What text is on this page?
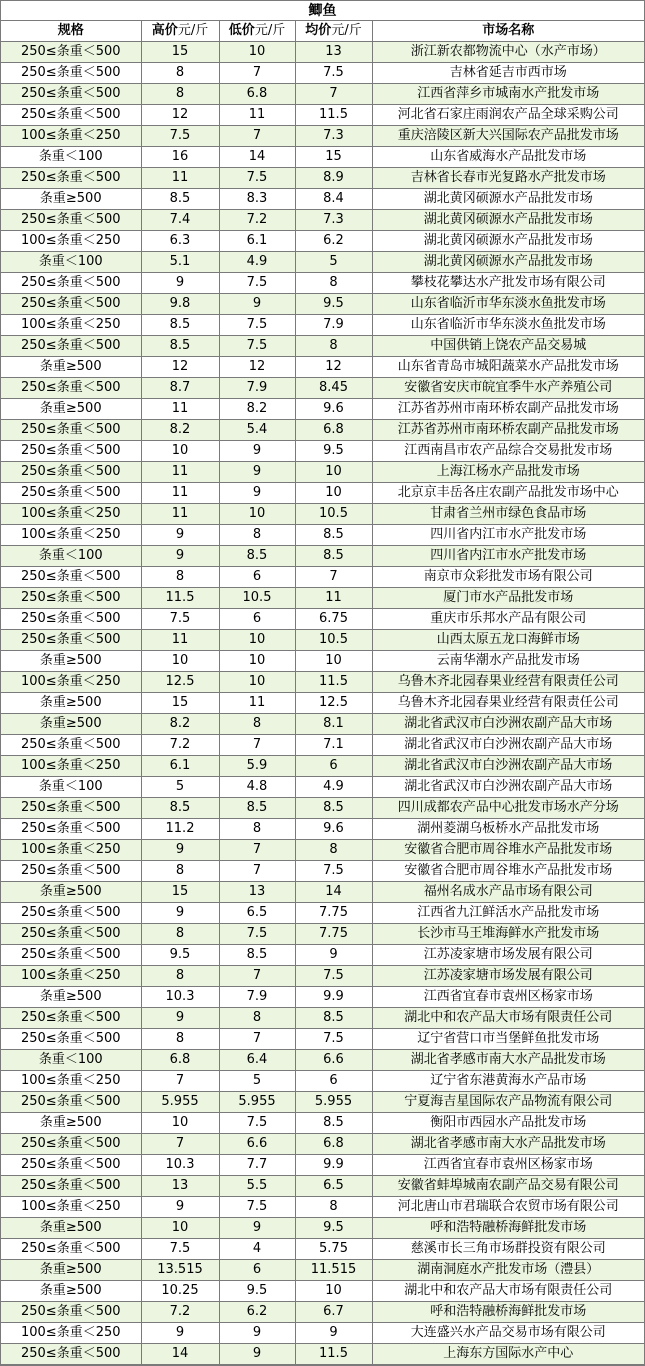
鲫鱼
规格	高价元/斤	低价元/斤	均价元/斤	市场名称
250≤条重＜500	15	10	13	浙江新农都物流中心（水产市场）
250≤条重＜500	8	7	7.5	吉林省延吉市西市场
250≤条重＜500	8	6.8	7	江西省萍乡市城南水产批发市场
250≤条重＜500	12	11	11.5	河北省石家庄雨润农产品全球采购公司
100≤条重＜250	7.5	7	7.3	重庆涪陵区新大兴国际农产品批发市场
条重＜100	16	14	15	山东省威海水产品批发市场
250≤条重＜500	11	7.5	8.9	吉林省长春市光复路水产批发市场
条重≥500	8.5	8.3	8.4	湖北黄冈硕源水产品批发市场
250≤条重＜500	7.4	7.2	7.3	湖北黄冈硕源水产品批发市场
100≤条重＜250	6.3	6.1	6.2	湖北黄冈硕源水产品批发市场
条重＜100	5.1	4.9	5	湖北黄冈硕源水产品批发市场
250≤条重＜500	9	7.5	8	攀枝花攀达水产批发市场有限公司
250≤条重＜500	9.8	9	9.5	山东省临沂市华东淡水鱼批发市场
100≤条重＜250	8.5	7.5	7.9	山东省临沂市华东淡水鱼批发市场
250≤条重＜500	8.5	7.5	8	中国供销上饶农产品交易城
条重≥500	12	12	12	山东省青岛市城阳蔬菜水产品批发市场
250≤条重＜500	8.7	7.9	8.45	安徽省安庆市皖宜季牛水产养殖公司
条重≥500	11	8.2	9.6	江苏省苏州市南环桥农副产品批发市场
250≤条重＜500	8.2	5.4	6.8	江苏省苏州市南环桥农副产品批发市场
250≤条重＜500	10	9	9.5	江西南昌市农产品综合交易批发市场
250≤条重＜500	11	9	10	上海江杨水产品批发市场
250≤条重＜500	11	9	10	北京京丰岳各庄农副产品批发市场中心
100≤条重＜250	11	10	10.5	甘肃省兰州市绿色食品市场
100≤条重＜250	9	8	8.5	四川省内江市水产批发市场
条重＜100	9	8.5	8.5	四川省内江市水产批发市场
250≤条重＜500	8	6	7	南京市众彩批发市场有限公司
250≤条重＜500	11.5	10.5	11	厦门市水产品批发市场
250≤条重＜500	7.5	6	6.75	重庆市乐邦水产品有限公司
250≤条重＜500	11	10	10.5	山西太原五龙口海鲜市场
条重≥500	10	10	10	云南华潮水产品批发市场
100≤条重＜250	12.5	10	11.5	乌鲁木齐北园春果业经营有限责任公司
条重≥500	15	11	12.5	乌鲁木齐北园春果业经营有限责任公司
条重≥500	8.2	8	8.1	湖北省武汉市白沙洲农副产品大市场
250≤条重＜500	7.2	7	7.1	湖北省武汉市白沙洲农副产品大市场
100≤条重＜250	6.1	5.9	6	湖北省武汉市白沙洲农副产品大市场
条重＜100	5	4.8	4.9	湖北省武汉市白沙洲农副产品大市场
250≤条重＜500	8.5	8.5	8.5	四川成都农产品中心批发市场水产分场
250≤条重＜500	11.2	8	9.6	湖州菱湖乌板桥水产品批发市场
100≤条重＜250	9	7	8	安徽省合肥市周谷堆水产品批发市场
250≤条重＜500	8	7	7.5	安徽省合肥市周谷堆水产品批发市场
条重≥500	15	13	14	福州名成水产品市场有限公司
250≤条重＜500	9	6.5	7.75	江西省九江鲜活水产品批发市场
250≤条重＜500	8	7.5	7.75	长沙市马王堆海鲜水产批发市场
250≤条重＜500	9.5	8.5	9	江苏凌家塘市场发展有限公司
100≤条重＜250	8	7	7.5	江苏凌家塘市场发展有限公司
条重≥500	10.3	7.9	9.9	江西省宜春市袁州区杨家市场
250≤条重＜500	9	8	8.5	湖北中和农产品大市场有限责任公司
250≤条重＜500	8	7	7.5	辽宁省营口市当堡鲜鱼批发市场
条重＜100	6.8	6.4	6.6	湖北省孝感市南大水产品批发市场
100≤条重＜250	7	5	6	辽宁省东港黄海水产品市场
250≤条重＜500	5.955	5.955	5.955	宁夏海吉星国际农产品物流有限公司
条重≥500	10	7.5	8.5	衡阳市西园水产品批发市场
250≤条重＜500	7	6.6	6.8	湖北省孝感市南大水产品批发市场
250≤条重＜500	10.3	7.7	9.9	江西省宜春市袁州区杨家市场
250≤条重＜500	13	5.5	6.5	安徽省蚌埠城南农副产品交易有限公司
100≤条重＜250	9	7.5	8	河北唐山市君瑞联合农贸市场有限公司
条重≥500	10	9	9.5	呼和浩特融桥海鲜批发市场
250≤条重＜500	7.5	4	5.75	慈溪市长三角市场群投资有限公司
条重≥500	13.515	6	11.515	湖南洞庭水产批发市场（澧县）
条重≥500	10.25	9.5	10	湖北中和农产品大市场有限责任公司
250≤条重＜500	7.2	6.2	6.7	呼和浩特融桥海鲜批发市场
100≤条重＜250	9	9	9	大连盛兴水产品交易市场有限公司
250≤条重＜500	14	9	11.5	上海东方国际水产中心
